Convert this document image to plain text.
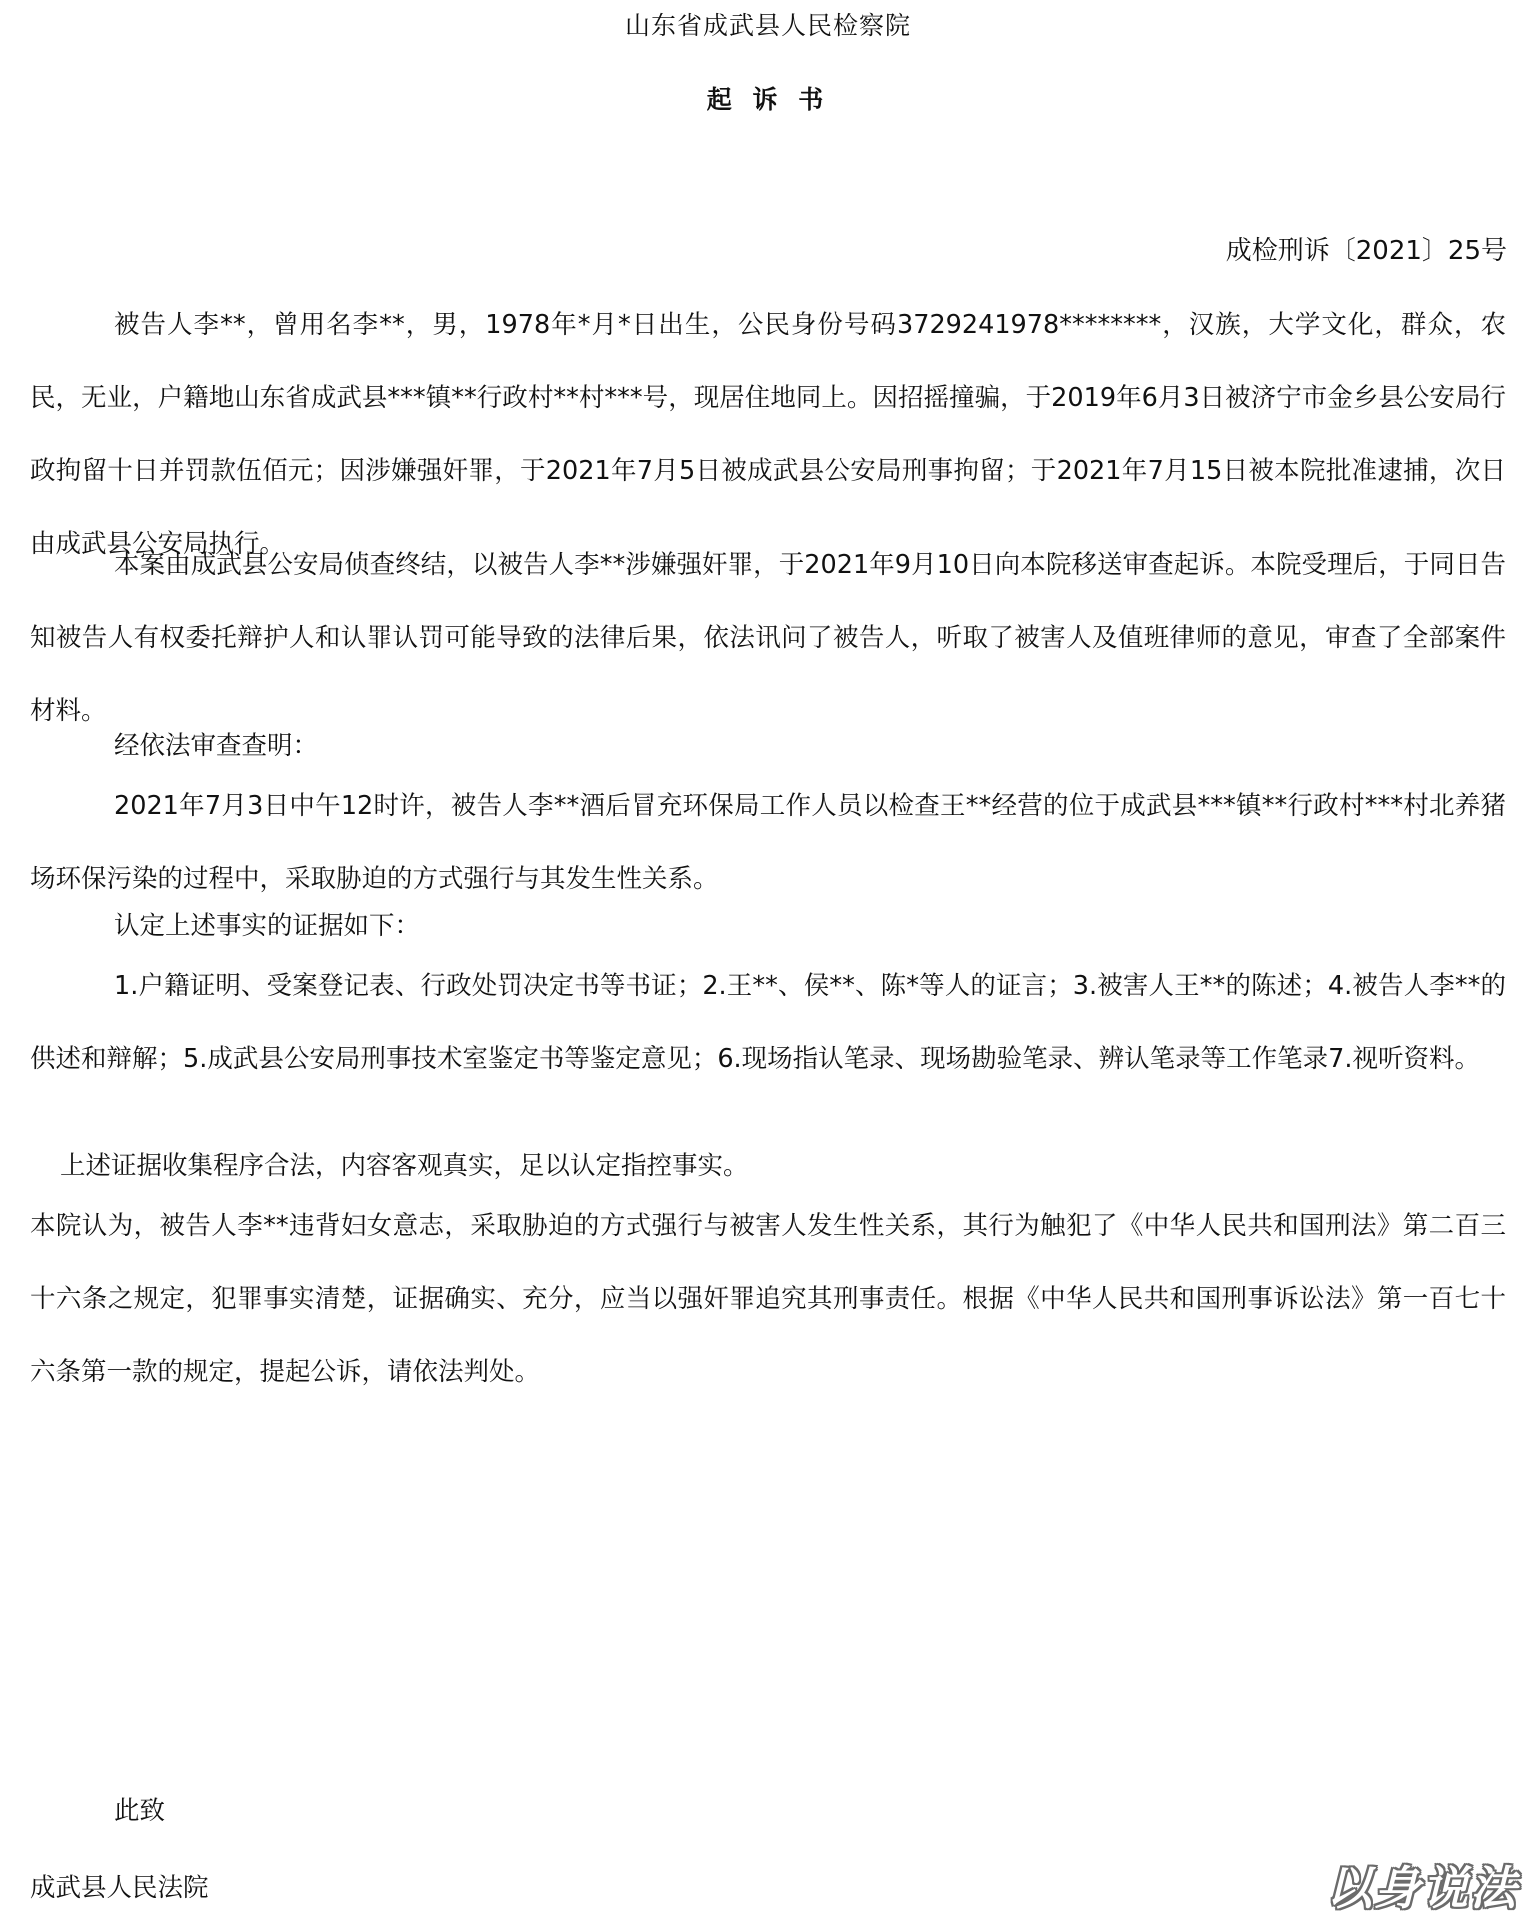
山东省成武县人民检察院
起 诉 书
成检刑诉〔2021〕25号

被告人李**，曾用名李**，男，1978年*月*日出生，公民身份号码3729241978********，汉族，大学文化，群众，农民，无业，户籍地山东省成武县***镇**行政村**村***号，现居住地同上。因招摇撞骗，于2019年6月3日被济宁市金乡县公安局行政拘留十日并罚款伍佰元；因涉嫌强奸罪，于2021年7月5日被成武县公安局刑事拘留；于2021年7月15日被本院批准逮捕，次日由成武县公安局执行。

本案由成武县公安局侦查终结，以被告人李**涉嫌强奸罪，于2021年9月10日向本院移送审查起诉。本院受理后，于同日告知被告人有权委托辩护人和认罪认罚可能导致的法律后果，依法讯问了被告人，听取了被害人及值班律师的意见，审查了全部案件材料。

经依法审查查明：

2021年7月3日中午12时许，被告人李**酒后冒充环保局工作人员以检查王**经营的位于成武县***镇**行政村***村北养猪场环保污染的过程中，采取胁迫的方式强行与其发生性关系。

认定上述事实的证据如下：

1.户籍证明、受案登记表、行政处罚决定书等书证；2.王**、侯**、陈*等人的证言；3.被害人王**的陈述；4.被告人李**的供述和辩解；5.成武县公安局刑事技术室鉴定书等鉴定意见；6.现场指认笔录、现场勘验笔录、辨认笔录等工作笔录7.视听资料。

上述证据收集程序合法，内容客观真实，足以认定指控事实。

本院认为，被告人李**违背妇女意志，采取胁迫的方式强行与被害人发生性关系，其行为触犯了《中华人民共和国刑法》第二百三十六条之规定，犯罪事实清楚，证据确实、充分，应当以强奸罪追究其刑事责任。根据《中华人民共和国刑事诉讼法》第一百七十六条第一款的规定，提起公诉，请依法判处。

此致
成武县人民法院	以身说法
